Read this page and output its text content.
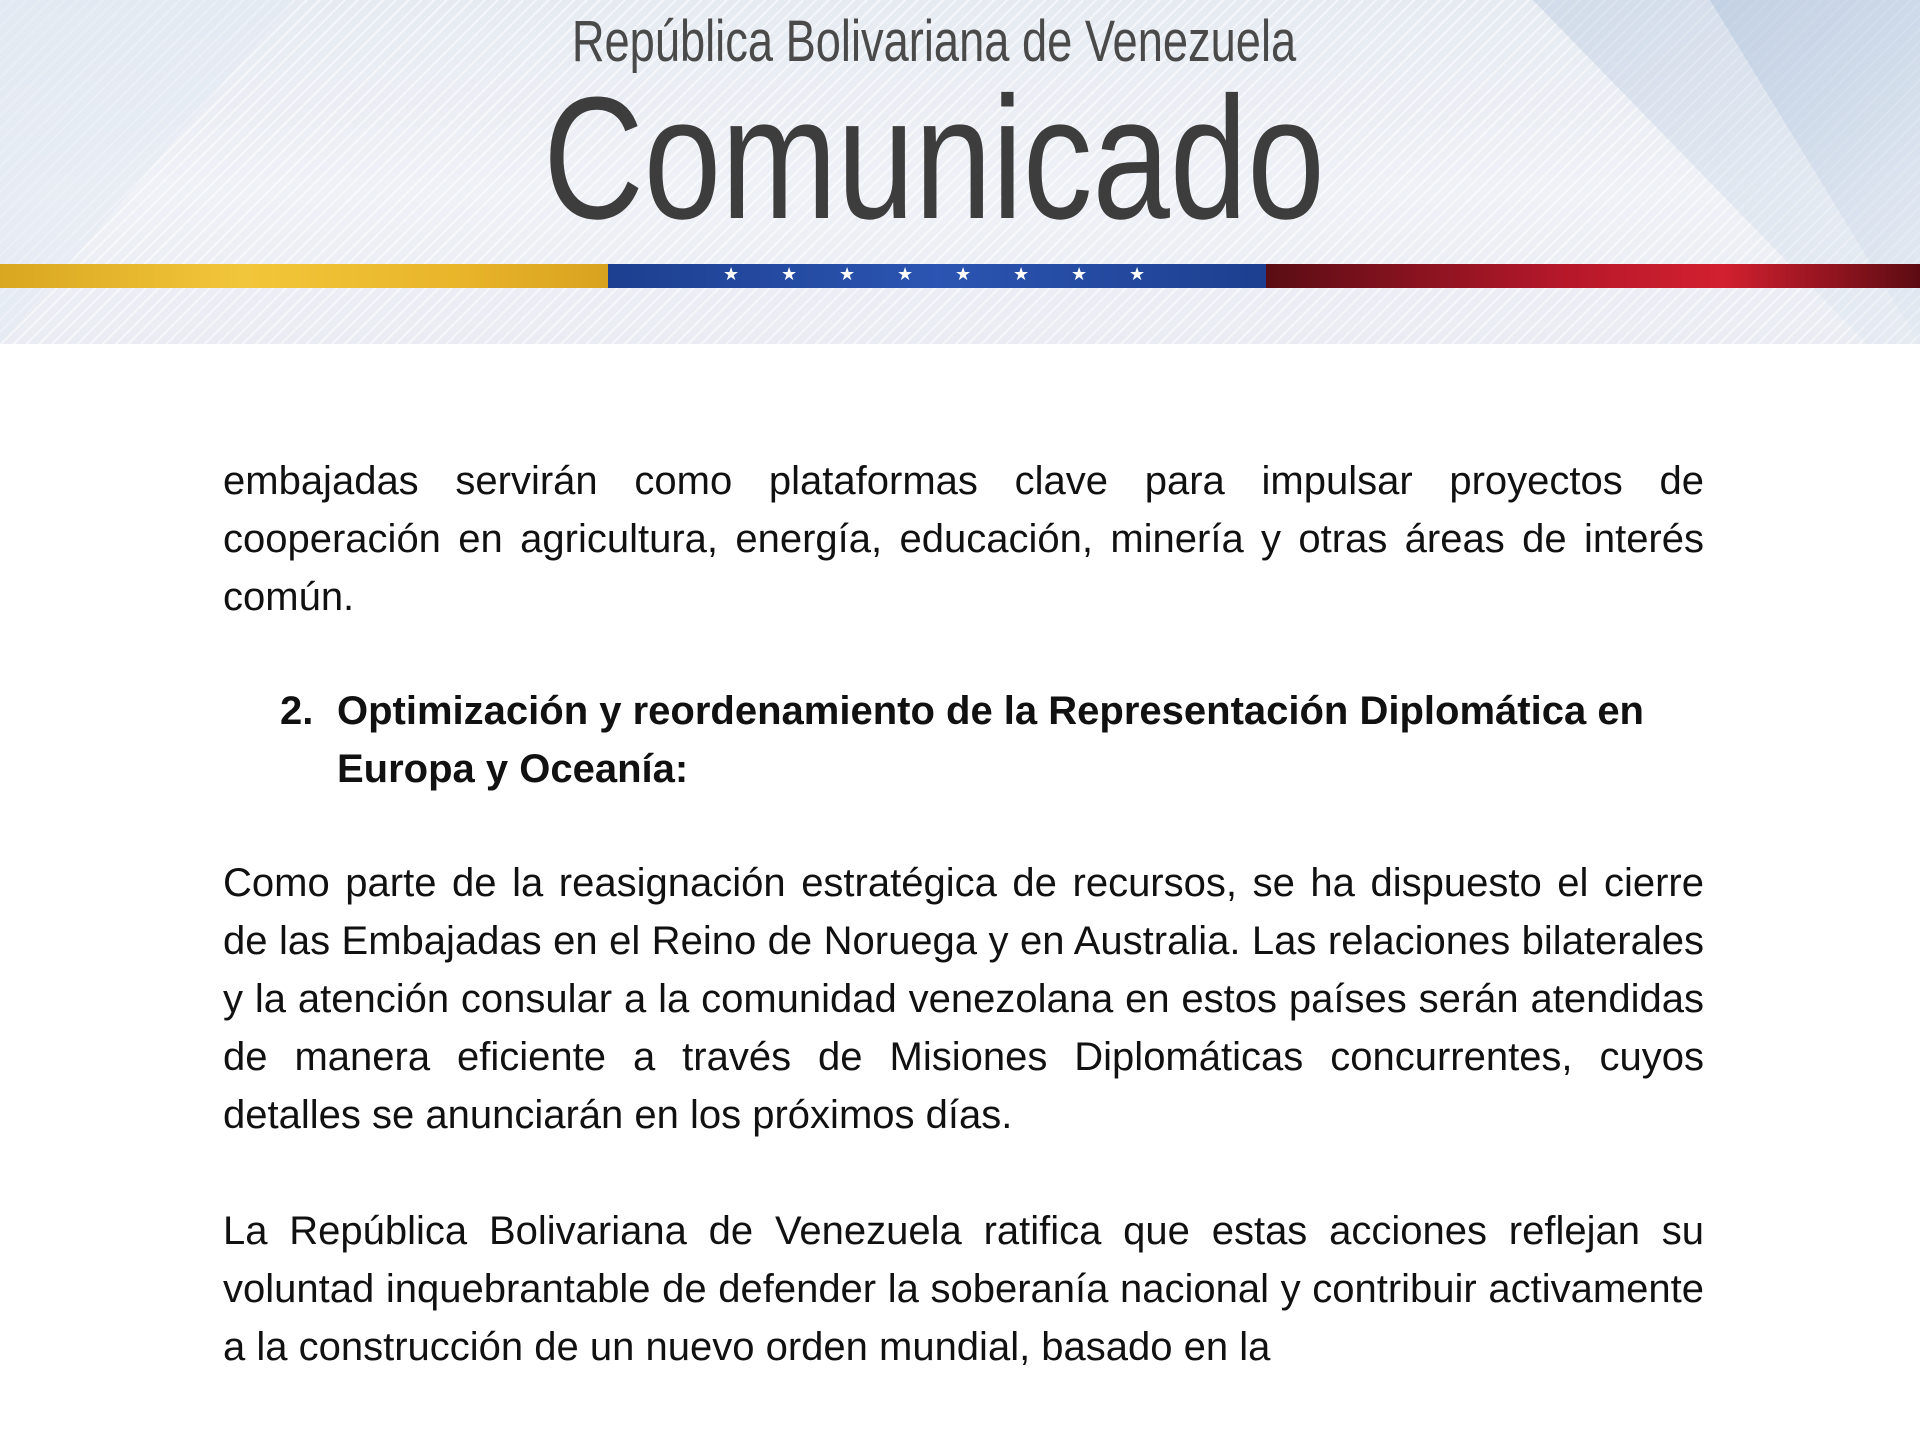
República Bolivariana de Venezuela
Comunicado
★ ★ ★ ★ ★ ★ ★ ★

embajadas servirán como plataformas clave para impulsar proyectos de cooperación en agricultura, energía, educación, minería y otras áreas de interés común.

2. Optimización y reordenamiento de la Representación Diplomática en Europa y Oceanía:

Como parte de la reasignación estratégica de recursos, se ha dispuesto el cierre de las Embajadas en el Reino de Noruega y en Australia. Las relaciones bilaterales y la atención consular a la comunidad venezolana en estos países serán atendidas de manera eficiente a través de Misiones Diplomáticas concurrentes, cuyos detalles se anunciarán en los próximos días.

La República Bolivariana de Venezuela ratifica que estas acciones reflejan su voluntad inquebrantable de defender la soberanía nacional y contribuir activamente a la construcción de un nuevo orden mundial, basado en la
